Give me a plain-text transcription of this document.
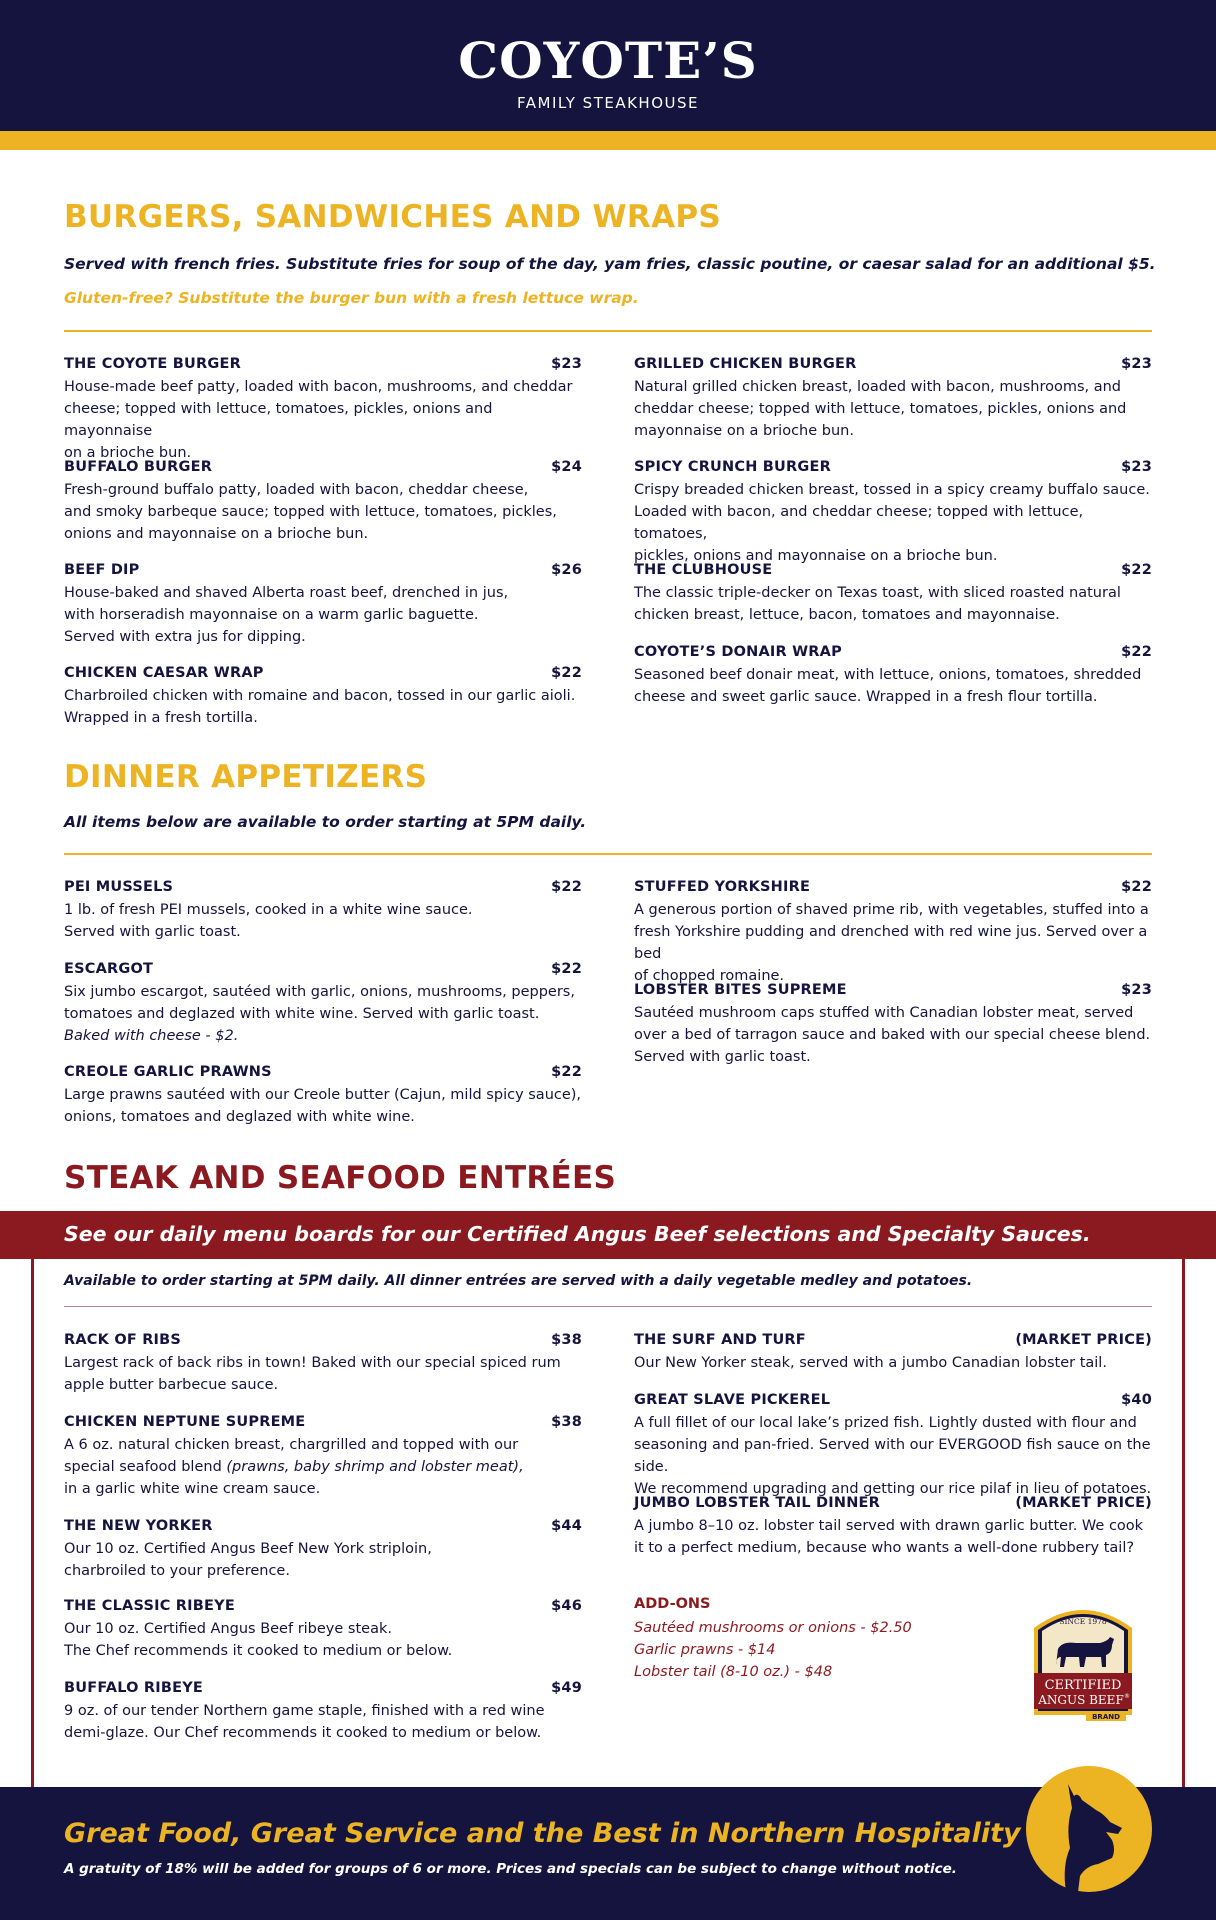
COYOTE’S
FAMILY STEAKHOUSE
BURGERS, SANDWICHES AND WRAPS
Served with french fries. Substitute fries for soup of the day, yam fries, classic poutine, or caesar salad for an additional $5.
Gluten-free? Substitute the burger bun with a fresh lettuce wrap.
THE COYOTE BURGER	$23
House-made beef patty, loaded with bacon, mushrooms, and cheddar
cheese; topped with lettuce, tomatoes, pickles, onions and mayonnaise
on a brioche bun.
BUFFALO BURGER	$24
Fresh-ground buffalo patty, loaded with bacon, cheddar cheese,
and smoky barbeque sauce; topped with lettuce, tomatoes, pickles,
onions and mayonnaise on a brioche bun.
BEEF DIP	$26
House-baked and shaved Alberta roast beef, drenched in jus,
with horseradish mayonnaise on a warm garlic baguette.
Served with extra jus for dipping.
CHICKEN CAESAR WRAP	$22
Charbroiled chicken with romaine and bacon, tossed in our garlic aioli.
Wrapped in a fresh tortilla.
GRILLED CHICKEN BURGER	$23
Natural grilled chicken breast, loaded with bacon, mushrooms, and
cheddar cheese; topped with lettuce, tomatoes, pickles, onions and
mayonnaise on a brioche bun.
SPICY CRUNCH BURGER	$23
Crispy breaded chicken breast, tossed in a spicy creamy buffalo sauce.
Loaded with bacon, and cheddar cheese; topped with lettuce, tomatoes,
pickles, onions and mayonnaise on a brioche bun.
THE CLUBHOUSE	$22
The classic triple-decker on Texas toast, with sliced roasted natural
chicken breast, lettuce, bacon, tomatoes and mayonnaise.
COYOTE’S DONAIR WRAP	$22
Seasoned beef donair meat, with lettuce, onions, tomatoes, shredded
cheese and sweet garlic sauce. Wrapped in a fresh flour tortilla.
DINNER APPETIZERS
All items below are available to order starting at 5PM daily.
PEI MUSSELS	$22
1 lb. of fresh PEI mussels, cooked in a white wine sauce.
Served with garlic toast.
ESCARGOT	$22
Six jumbo escargot, sautéed with garlic, onions, mushrooms, peppers,
tomatoes and deglazed with white wine. Served with garlic toast.
Baked with cheese - $2.
CREOLE GARLIC PRAWNS	$22
Large prawns sautéed with our Creole butter (Cajun, mild spicy sauce),
onions, tomatoes and deglazed with white wine.
STUFFED YORKSHIRE	$22
A generous portion of shaved prime rib, with vegetables, stuffed into a
fresh Yorkshire pudding and drenched with red wine jus. Served over a bed
of chopped romaine.
LOBSTER BITES SUPREME	$23
Sautéed mushroom caps stuffed with Canadian lobster meat, served
over a bed of tarragon sauce and baked with our special cheese blend.
Served with garlic toast.
STEAK AND SEAFOOD ENTRÉES
See our daily menu boards for our Certified Angus Beef selections and Specialty Sauces.
Available to order starting at 5PM daily. All dinner entrées are served with a daily vegetable medley and potatoes.
RACK OF RIBS	$38
Largest rack of back ribs in town! Baked with our special spiced rum
apple butter barbecue sauce.
CHICKEN NEPTUNE SUPREME	$38
A 6 oz. natural chicken breast, chargrilled and topped with our
special seafood blend (prawns, baby shrimp and lobster meat),
in a garlic white wine cream sauce.
THE NEW YORKER	$44
Our 10 oz. Certified Angus Beef New York striploin,
charbroiled to your preference.
THE CLASSIC RIBEYE	$46
Our 10 oz. Certified Angus Beef ribeye steak.
The Chef recommends it cooked to medium or below.
BUFFALO RIBEYE	$49
9 oz. of our tender Northern game staple, finished with a red wine
demi-glaze. Our Chef recommends it cooked to medium or below.
THE SURF AND TURF	(MARKET PRICE)
Our New Yorker steak, served with a jumbo Canadian lobster tail.
GREAT SLAVE PICKEREL	$40
A full fillet of our local lake’s prized fish. Lightly dusted with flour and
seasoning and pan-fried. Served with our EVERGOOD fish sauce on the side.
We recommend upgrading and getting our rice pilaf in lieu of potatoes.
JUMBO LOBSTER TAIL DINNER	(MARKET PRICE)
A jumbo 8–10 oz. lobster tail served with drawn garlic butter. We cook
it to a perfect medium, because who wants a well-done rubbery tail?
ADD-ONS
Sautéed mushrooms or onions - $2.50
Garlic prawns - $14
Lobster tail (8-10 oz.) - $48
SINCE 1978
CERTIFIED
ANGUS BEEF ®
BRAND
Great Food, Great Service and the Best in Northern Hospitality
A gratuity of 18% will be added for groups of 6 or more. Prices and specials can be subject to change without notice.
